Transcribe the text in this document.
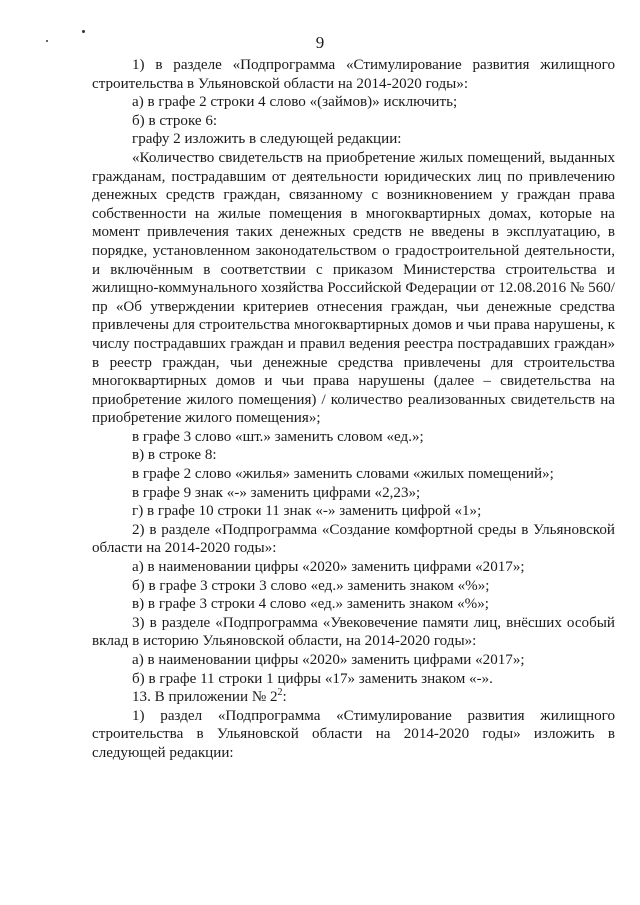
9

1) в разделе «Подпрограмма «Стимулирование развития жилищного строительства в Ульяновской области на 2014-2020 годы»:

а) в графе 2 строки 4 слово «(займов)» исключить;

б) в строке 6:

графу 2 изложить в следующей редакции:

«Количество свидетельств на приобретение жилых помещений, выданных гражданам, пострадавшим от деятельности юридических лиц по привлечению денежных средств граждан, связанному с возникновением у граждан права собственности на жилые помещения в многоквартирных домах, которые на момент привлечения таких денежных средств не введены в эксплуатацию, в порядке, установленном законодательством о градостроительной деятельности, и включённым в соответствии с приказом Министерства строительства и жилищно-коммунального хозяйства Российской Федерации от 12.08.2016 № 560/пр «Об утверждении критериев отнесения граждан, чьи денежные средства привлечены для строительства многоквартирных домов и чьи права нарушены, к числу пострадавших граждан и правил ведения реестра пострадавших граждан» в реестр граждан, чьи денежные средства привлечены для строительства многоквартирных домов и чьи права нарушены (далее – свидетельства на приобретение жилого помещения) / количество реализованных свидетельств на приобретение жилого помещения»;

в графе 3 слово «шт.» заменить словом «ед.»;

в) в строке 8:

в графе 2 слово «жилья» заменить словами «жилых помещений»;

в графе 9 знак «-» заменить цифрами «2,23»;

г) в графе 10 строки 11 знак «-» заменить цифрой «1»;

2) в разделе «Подпрограмма «Создание комфортной среды в Ульяновской области на 2014-2020 годы»:

а) в наименовании цифры «2020» заменить цифрами «2017»;

б) в графе 3 строки 3 слово «ед.» заменить знаком «%»;

в) в графе 3 строки 4 слово «ед.» заменить знаком «%»;

3) в разделе «Подпрограмма «Увековечение памяти лиц, внёсших особый вклад в историю Ульяновской области, на 2014-2020 годы»:

а) в наименовании цифры «2020» заменить цифрами «2017»;

б) в графе 11 строки 1 цифры «17» заменить знаком «-».

13. В приложении № $2^2$:

1) раздел «Подпрограмма «Стимулирование развития жилищного строительства в Ульяновской области на 2014-2020 годы» изложить в следующей редакции:
